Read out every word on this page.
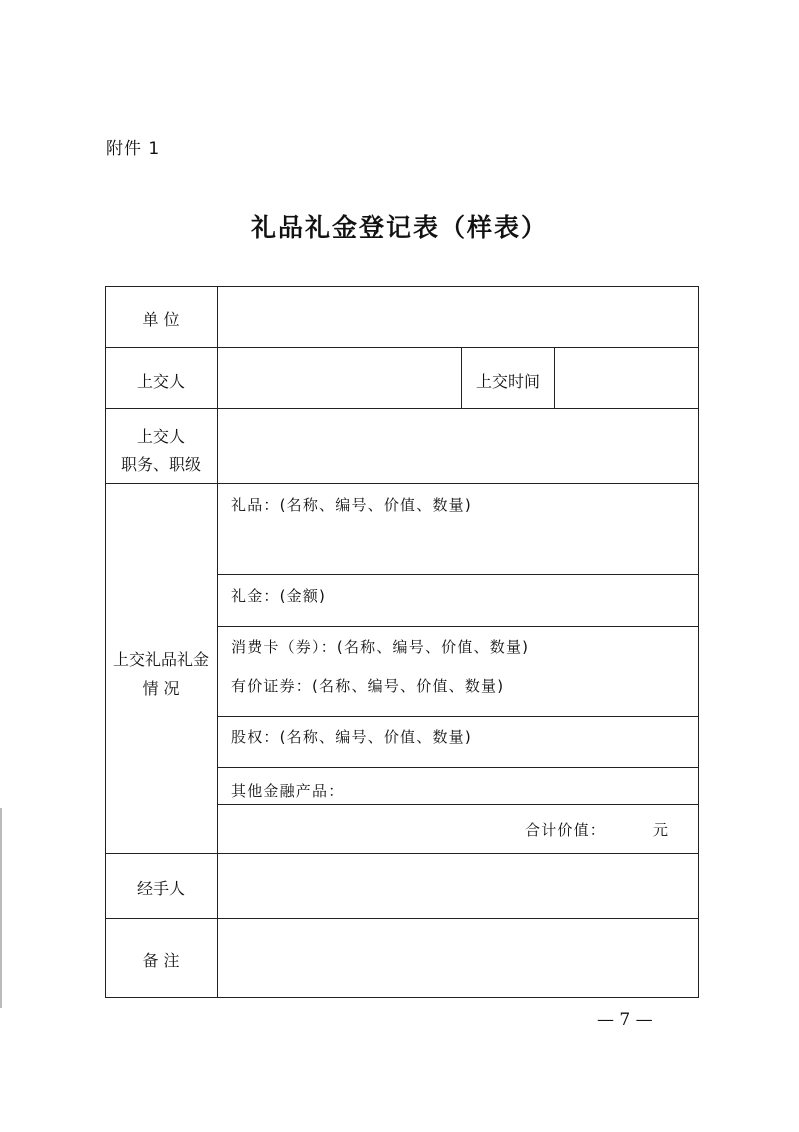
附件 1
礼品礼金登记表（样表）
单 位
上交人	上交时间
上交人
职务、职级
上交礼品礼金
情 况
礼品：(名称、编号、价值、数量)
礼金：(金额)
消费卡（券）：(名称、编号、价值、数量)
有价证券：(名称、编号、价值、数量)
股权：(名称、编号、价值、数量)
其他金融产品：
合计价值：	元
经手人
备 注
— 7 —
